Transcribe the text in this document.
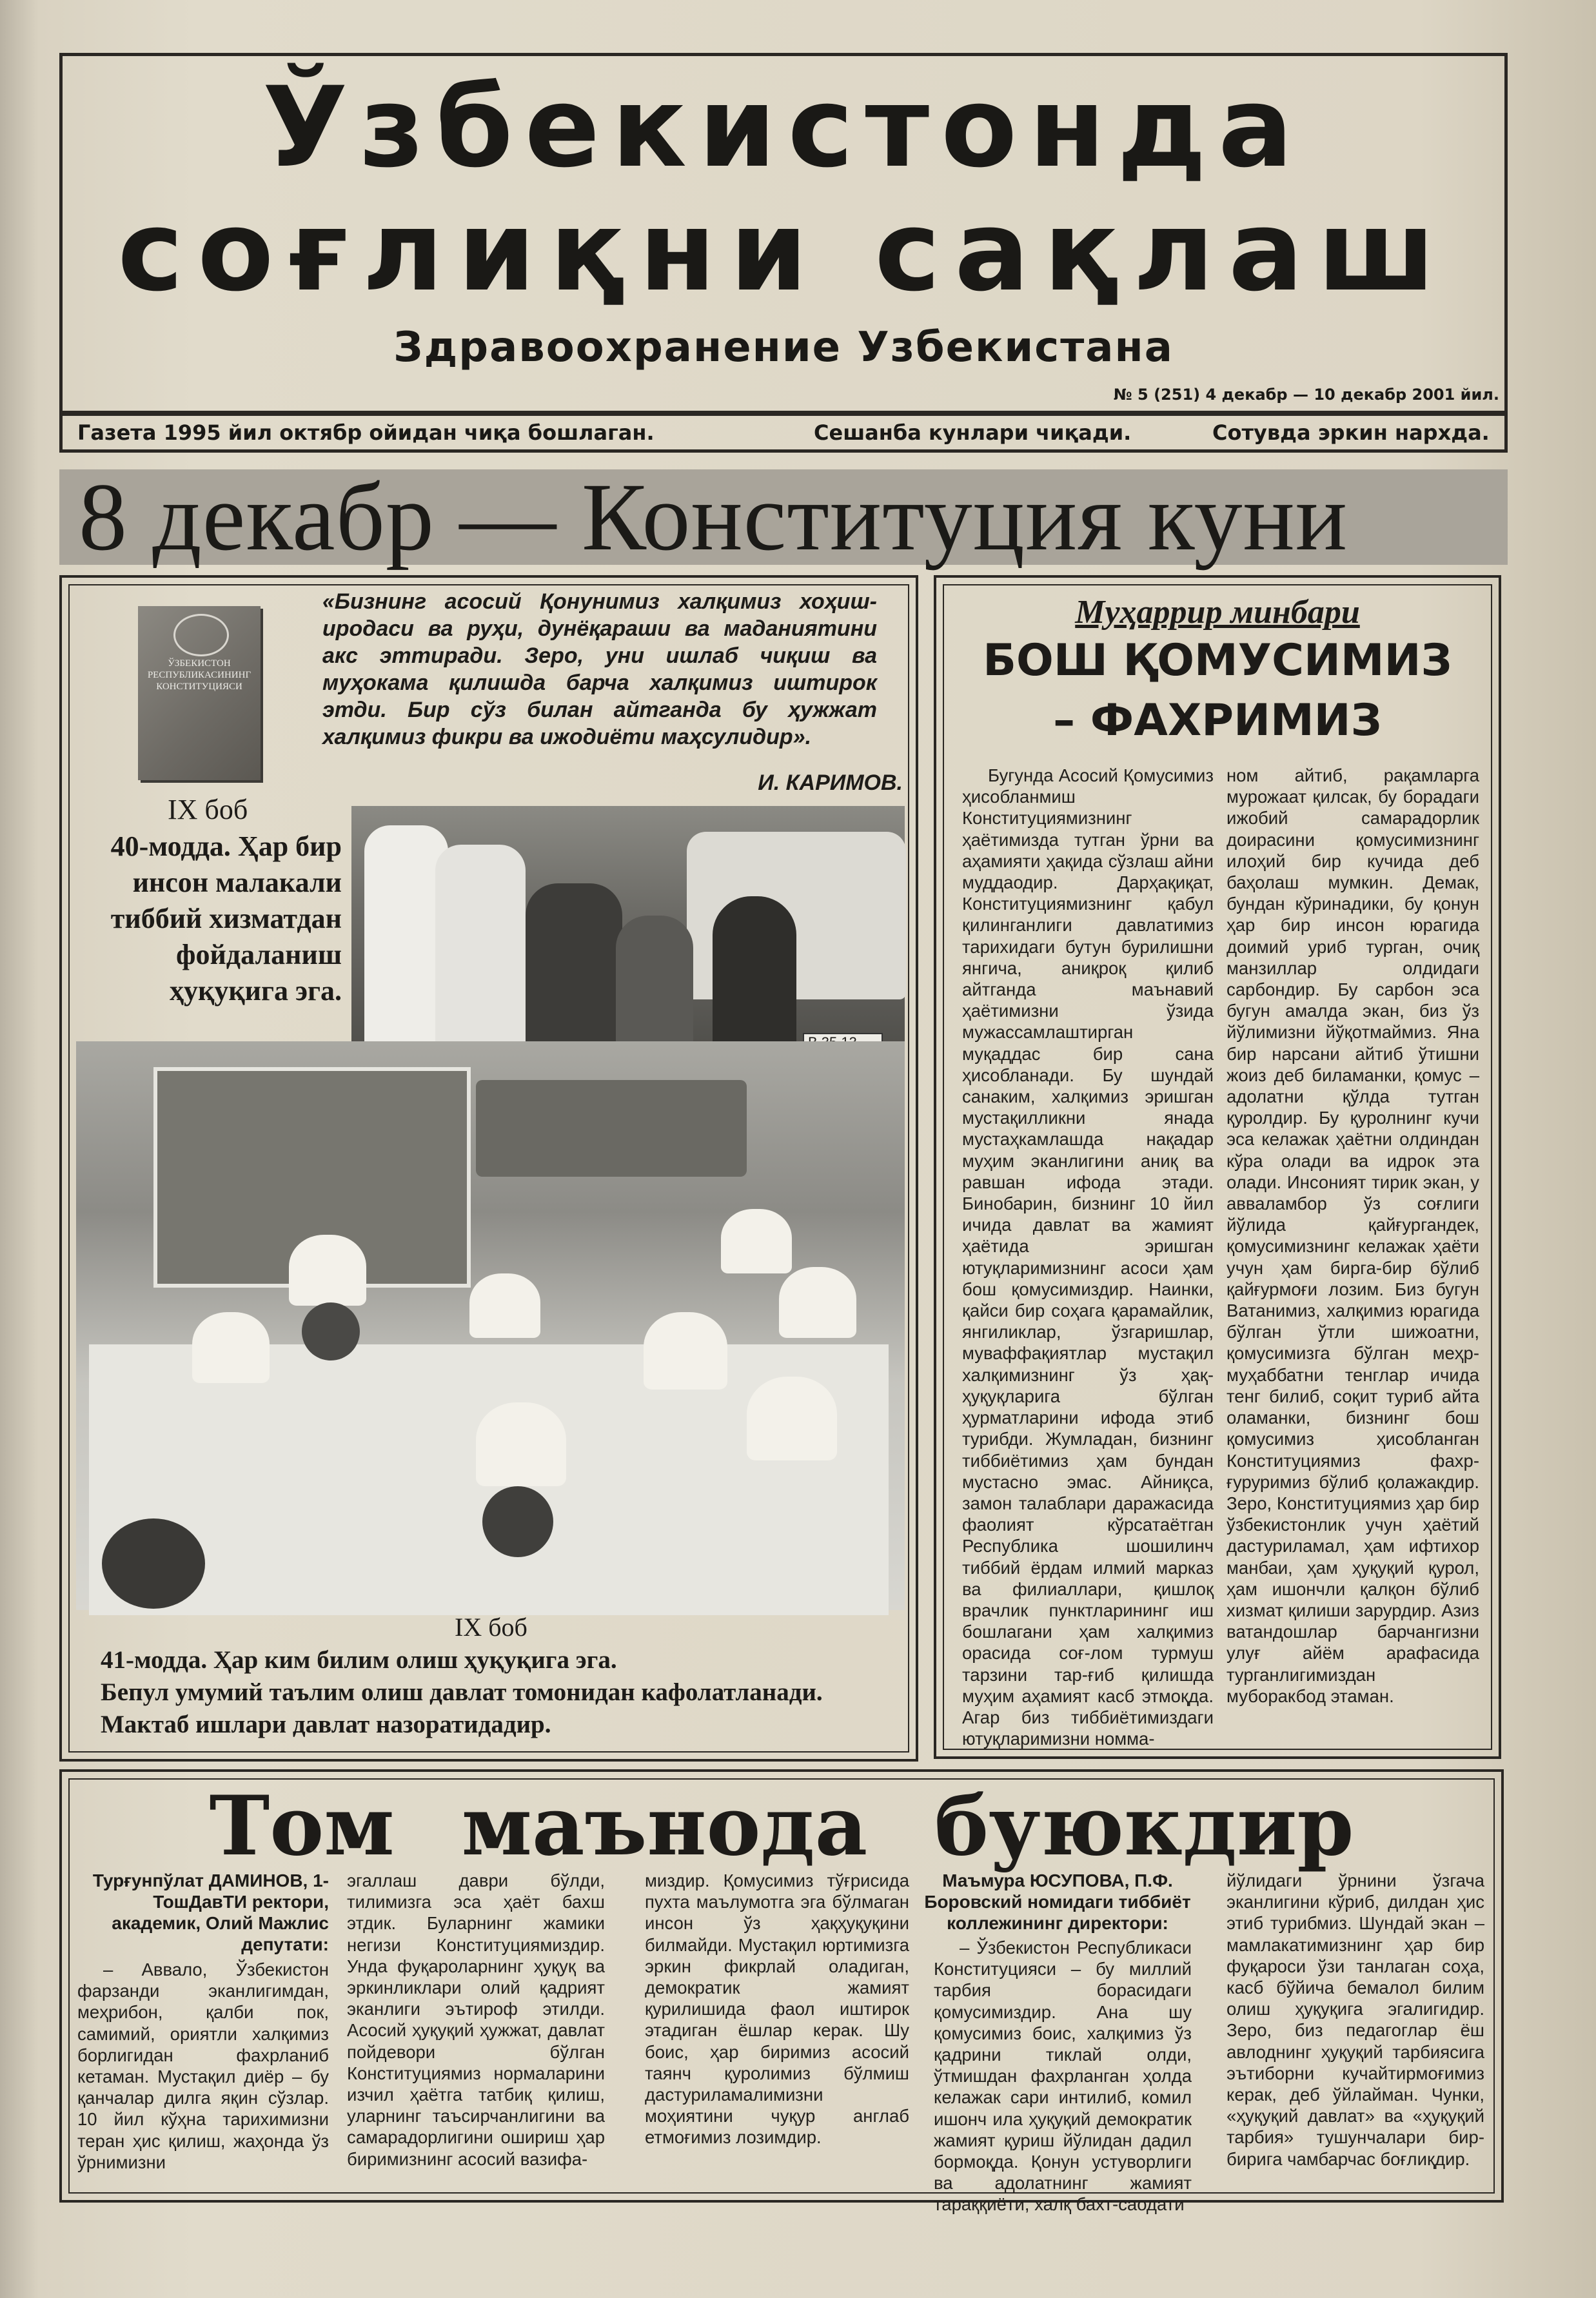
Ўзбекистонда
соғлиқни сақлаш
Здравоохранение Узбекистана
№ 5 (251) 4 декабр — 10 декабр 2001 йил.
Газета 1995 йил октябр ойидан чиқа бошлаган.	Сешанба кунлари чиқади.	Сотувда эркин нархда.
8 декабр — Конституция куни
ЎЗБЕКИСТОН РЕСПУБЛИКАСИНИНГ КОНСТИТУЦИЯСИ
«Бизнинг асосий Қонунимиз халқимиз хоҳиш-иродаси ва руҳи, дунёқараши ва маданиятини акс эттиради. Зеро, уни ишлаб чиқиш ва муҳокама қилишда барча халқимиз иштирок этди. Бир сўз билан айтганда бу ҳужжат халқимиз фикри ва ижодиёти маҳсулидир».
И. КАРИМОВ.
IX боб
40-модда. Ҳар бир инсон малакали тиббий хизматдан фойдаланиш ҳуқуқига эга.
IX боб
41-модда. Ҳар ким билим олиш ҳуқуқига эга.
Бепул умумий таълим олиш давлат томонидан кафолатланади.
Мактаб ишлари давлат назоратидадир.
Муҳаррир минбари
БОШ ҚОМУСИМИЗ
– ФАХРИМИЗ

Бугунда Асосий Қомусимиз ҳисобланмиш Конституциямизнинг ҳаётимизда тутган ўрни ва аҳамияти ҳақида сўзлаш айни муддаодир. Дарҳақиқат, Конституциямизнинг қабул қилинганлиги давлатимиз тарихидаги бутун бурилишни янгича, аниқроқ қилиб айтганда маънавий ҳаётимизни ўзида мужассамлаштирган муқаддас бир сана ҳисобланади. Бу шундай санаким, халқимиз эришган мустақилликни янада мустаҳкамлашда нақадар муҳим эканлигини аниқ ва равшан ифода этади. Бинобарин, бизнинг 10 йил ичида давлат ва жамият ҳаётида эришган ютуқларимизнинг асоси ҳам бош қомусимиздир. Наинки, қайси бир соҳага қарамайлик, янгиликлар, ўзгаришлар, муваффақиятлар мустақил халқимизнинг ўз ҳақ-ҳуқуқларига бўлган ҳурматларини ифода этиб турибди. Жумладан, бизнинг тиббиётимиз ҳам бундан мустасно эмас. Айниқса, замон талаблари даражасида фаолият кўрсатаётган Республика шошилинч тиббий ёрдам илмий марказ ва филиаллари, қишлоқ врачлик пунктларининг иш бошлагани ҳам халқимиз орасида соғ-лом турмуш тарзини тар-ғиб қилишда муҳим аҳамият касб этмоқда. Агар биз тиббиётимиздаги ютуқларимизни номма-

ном айтиб, рақамларга мурожаат қилсак, бу борадаги ижобий самарадорлик доирасини қомусимизнинг илоҳий бир кучида деб баҳолаш мумкин. Демак, бундан кўринадики, бу қонун ҳар бир инсон юрагида доимий уриб турган, очиқ манзиллар олдидаги сарбондир. Бу сарбон эса бугун амалда экан, биз ўз йўлимизни йўқотмаймиз. Яна бир нарсани айтиб ўтишни жоиз деб биламанки, қомус – адолатни қўлда тутган қуролдир. Бу қуролнинг кучи эса келажак ҳаётни олдиндан кўра олади ва идрок эта олади. Инсоният тирик экан, у авваламбор ўз соғлиги йўлида қайғургандек, қомусимизнинг келажак ҳаёти учун ҳам бирга-бир бўлиб қайғурмоғи лозим. Биз бугун Ватанимиз, халқимиз юрагида бўлган ўтли шижоатни, қомусимизга бўлган меҳр-муҳаббатни тенглар ичида тенг билиб, соқит туриб айта оламанки, бизнинг бош қомусимиз ҳисобланган Конституциямиз фахр-ғуруримиз бўлиб қолажакдир. Зеро, Конституциямиз ҳар бир ўзбекистонлик учун ҳаётий дастуриламал, ҳам ифтихор манбаи, ҳам ҳуқуқий қурол, ҳам ишончли қалқон бўлиб хизмат қилиши зарурдир. Азиз ватандошлар барчангизни улуғ айём арафасида турганлигимиздан муборакбод этаман.

Том маънода буюкдир
Турғунпўлат ДАМИНОВ, 1-ТошДавТИ ректори, академик, Олий Мажлис депутати:

– Аввало, Ўзбекистон фарзанди эканлигимдан, меҳрибон, қалби пок, самимий, ориятли халқимиз борлигидан фахрланиб кетаман. Мустақил диёр – бу қанчалар дилга яқин сўзлар. 10 йил кўҳна тарихимизни теран ҳис қилиш, жаҳонда ўз ўрнимизни

эгаллаш даври бўлди, тилимизга эса ҳаёт бахш этдик. Буларнинг жамики негизи Конституциямиздир. Унда фуқароларнинг ҳуқуқ ва эркинликлари олий қадрият эканлиги эътироф этилди. Асосий ҳуқуқий ҳужжат, давлат пойдевори бўлган Конституциямиз нормаларини изчил ҳаётга татбиқ қилиш, уларнинг таъсирчанлигини ва самарадорлигини ошириш ҳар биримизнинг асосий вазифа-

миздир. Қомусимиз тўғрисида пухта маълумотга эга бўлмаган инсон ўз ҳақҳуқуқини билмайди. Мустақил юртимизга эркин фикрлай оладиган, демократик жамият қурилишида фаол иштирок этадиган ёшлар керак. Шу боис, ҳар биримиз асосий таянч қуролимиз бўлмиш дастуриламалимизни моҳиятини чуқур англаб етмоғимиз лозимдир.

Маъмура ЮСУПОВА, П.Ф. Боровский номидаги тиббиёт коллежининг директори:

– Ўзбекистон Республикаси Конституцияси – бу миллий тарбия борасидаги қомусимиздир. Ана шу қомусимиз боис, халқимиз ўз қадрини тиклай олди, ўтмишдан фахрланган ҳолда келажак сари интилиб, комил ишонч ила ҳуқуқий демократик жамият қуриш йўлидан дадил бормоқда. Қонун устуворлиги ва адолатнинг жамият тараққиёти, халқ бахт-саодати

йўлидаги ўрнини ўзгача эканлигини кўриб, дилдан ҳис этиб турибмиз. Шундай экан – мамлакатимизнинг ҳар бир фуқароси ўзи танлаган соҳа, касб бўйича бемалол билим олиш ҳуқуқига эгалигидир. Зеро, биз педагоглар ёш авлоднинг ҳуқуқий тарбиясига эътиборни кучайтирмоғимиз керак, деб ўйлайман. Чунки, «ҳуқуқий давлат» ва «ҳуқуқий тарбия» тушунчалари бир-бирига чамбарчас боғлиқдир.
